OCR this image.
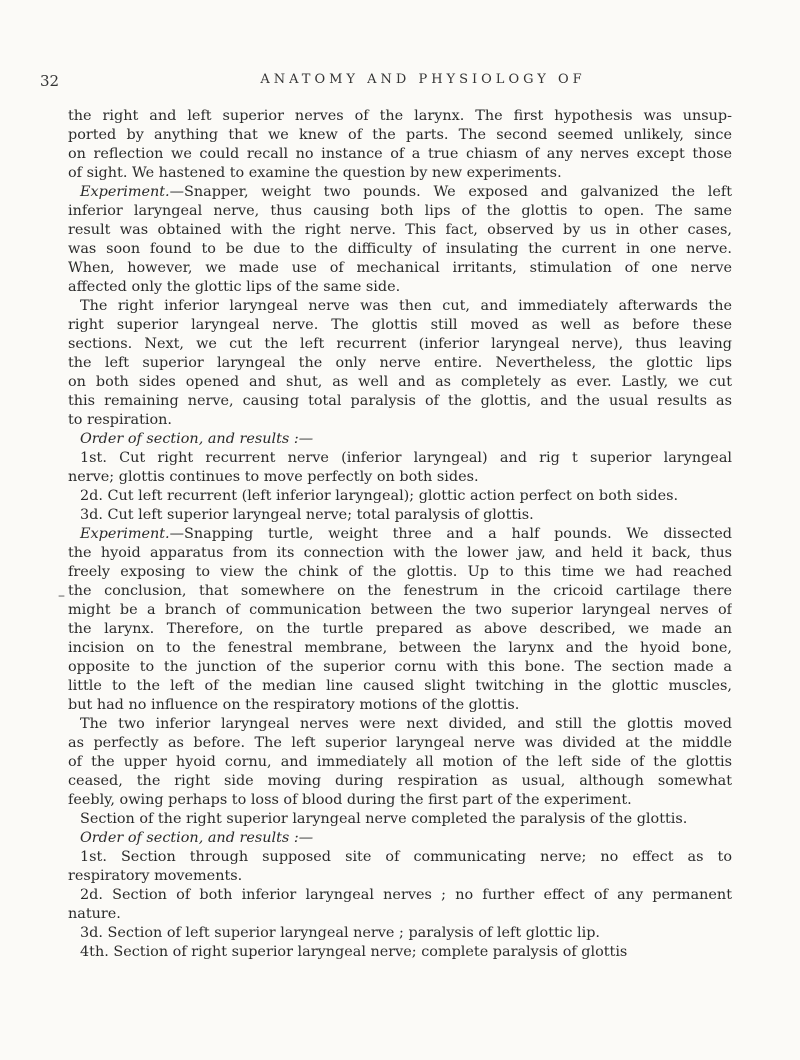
32	ANATOMY AND PHYSIOLOGY OF
–
the right and left superior nerves of the larynx. The first hypothesis was unsup-
ported by anything that we knew of the parts. The second seemed unlikely, since
on reflection we could recall no instance of a true chiasm of any nerves except those
of sight. We hastened to examine the question by new experiments.
Experiment.—Snapper, weight two pounds. We exposed and galvanized the left
inferior laryngeal nerve, thus causing both lips of the glottis to open. The same
result was obtained with the right nerve. This fact, observed by us in other cases,
was soon found to be due to the difficulty of insulating the current in one nerve.
When, however, we made use of mechanical irritants, stimulation of one nerve
affected only the glottic lips of the same side.
The right inferior laryngeal nerve was then cut, and immediately afterwards the
right superior laryngeal nerve. The glottis still moved as well as before these
sections. Next, we cut the left recurrent (inferior laryngeal nerve), thus leaving
the left superior laryngeal the only nerve entire. Nevertheless, the glottic lips
on both sides opened and shut, as well and as completely as ever. Lastly, we cut
this remaining nerve, causing total paralysis of the glottis, and the usual results as
to respiration.
Order of section, and results :—
1st. Cut right recurrent nerve (inferior laryngeal) and rig t superior laryngeal
nerve; glottis continues to move perfectly on both sides.
2d. Cut left recurrent (left inferior laryngeal); glottic action perfect on both sides.
3d. Cut left superior laryngeal nerve; total paralysis of glottis.
Experiment.—Snapping turtle, weight three and a half pounds. We dissected
the hyoid apparatus from its connection with the lower jaw, and held it back, thus
freely exposing to view the chink of the glottis. Up to this time we had reached
the conclusion, that somewhere on the fenestrum in the cricoid cartilage there
might be a branch of communication between the two superior laryngeal nerves of
the larynx. Therefore, on the turtle prepared as above described, we made an
incision on to the fenestral membrane, between the larynx and the hyoid bone,
opposite to the junction of the superior cornu with this bone. The section made a
little to the left of the median line caused slight twitching in the glottic muscles,
but had no influence on the respiratory motions of the glottis.
The two inferior laryngeal nerves were next divided, and still the glottis moved
as perfectly as before. The left superior laryngeal nerve was divided at the middle
of the upper hyoid cornu, and immediately all motion of the left side of the glottis
ceased, the right side moving during respiration as usual, although somewhat
feebly, owing perhaps to loss of blood during the first part of the experiment.
Section of the right superior laryngeal nerve completed the paralysis of the glottis.
Order of section, and results :—
1st. Section through supposed site of communicating nerve; no effect as to
respiratory movements.
2d. Section of both inferior laryngeal nerves ; no further effect of any permanent
nature.
3d. Section of left superior laryngeal nerve ; paralysis of left glottic lip.
4th. Section of right superior laryngeal nerve; complete paralysis of glottis
